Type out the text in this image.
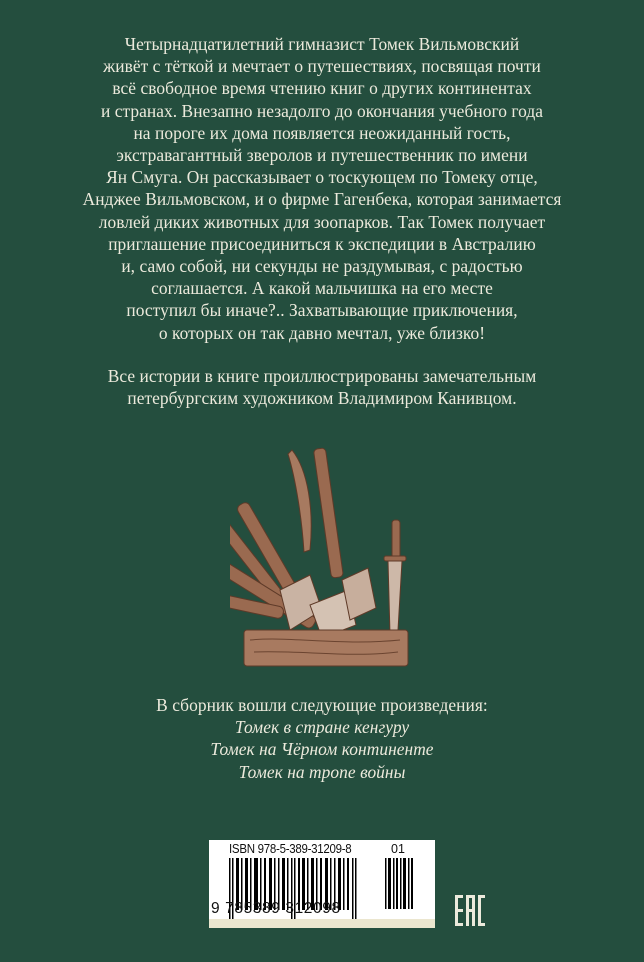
Четырнадцатилетний гимназист Томек Вильмовский
живёт с тёткой и мечтает о путешествиях, посвящая почти
всё свободное время чтению книг о других континентах
и странах. Внезапно незадолго до окончания учебного года
на пороге их дома появляется неожиданный гость,
экстравагантный зверолов и путешественник по имени
Ян Смуга. Он рассказывает о тоскующем по Томеку отце,
Анджее Вильмовском, и о фирме Гагенбека, которая занимается
ловлей диких животных для зоопарков. Так Томек получает
приглашение присоединиться к экспедиции в Австралию
и, само собой, ни секунды не раздумывая, с радостью
соглашается. А какой мальчишка на его месте
поступил бы иначе?.. Захватывающие приключения,
о которых он так давно мечтал, уже близко!
Все истории в книге проиллюстрированы замечательным
петербургским художником Владимиром Канивцом.
В сборник вошли следующие произведения:
Томек в стране кенгуру
Томек на Чёрном континенте
Томек на тропе войны
ISBN 978-5-389-31209-8	01
9 785389 312098
